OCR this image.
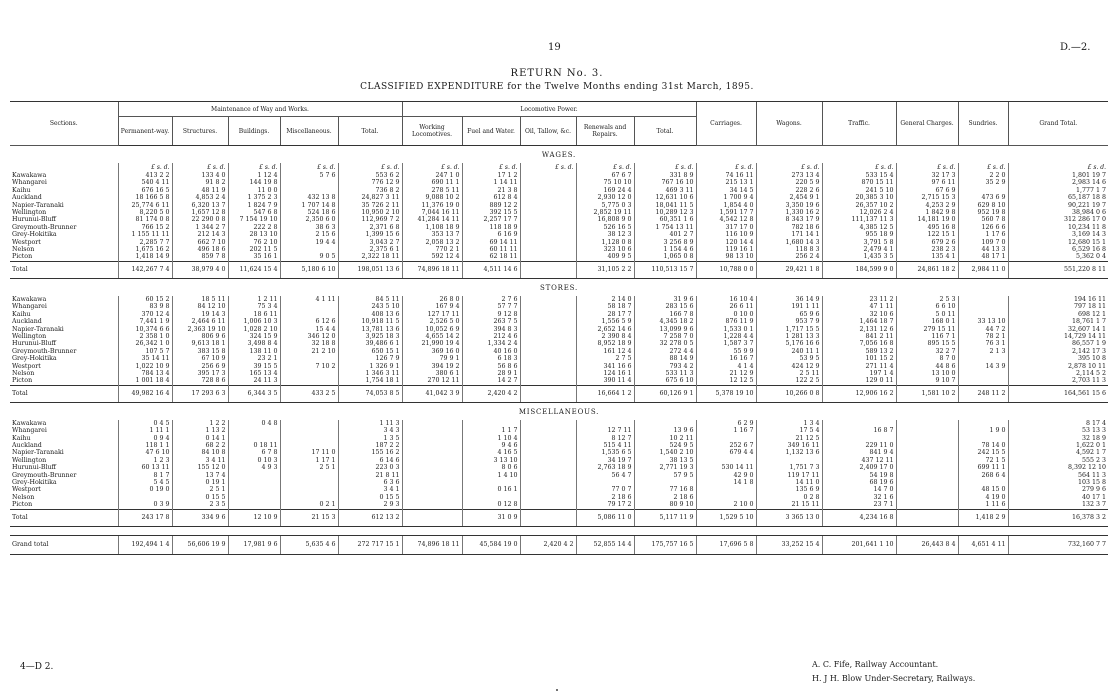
19	D.—2.
RETURN No. 3.
CLASSIFIED EXPENDITURE for the Twelve Months ending 31st March, 1895.
Sections.	Maintenance of Way and Works.					Locomotive Power.					Carriages.	Wagons.	Traffic.	General Charges.	Sundries.	Grand Total.
	Permanent-way.	Structures.	Buildings.	Miscellaneous.	Total.	Working Locomotives.	Fuel and Water.	Oil, Tallow, &c.	Renewals and Repairs.	Total.						
WAGES.																
	£ s. d.	£ s. d.	£ s. d.	£ s. d.	£ s. d.	£ s. d.	£ s. d.	£ s. d.	£ s. d.	£ s. d.	£ s. d.	£ s. d.	£ s. d.	£ s. d.	£ s. d.	£ s. d.
Kawakawa	413 2 2	133 4 0	1 12 4	5 7 6	553 6 2	247 1 0	17 1 2		67 6 7	331 8 9	74 16 11	273 13 4	533 15 4	32 17 3	2 2 0	1,801 19 7
Whangarei	540 4 11	91 8 2	144 19 8		776 12 9	690 11 1	1 14 11		75 10 10	767 16 10	215 13 1	220 5 9	870 15 11	97 6 11	35 2 9	2,983 14 6
Kaihu	676 16 5	48 11 9	11 0 0		736 8 2	278 5 11	21 3 8		169 24 4	469 3 11	34 14 5	228 2 6	241 5 10	67 6 9		1,777 1 7
Auckland	18 166 5 8	4,853 2 4	1 375 2 3	432 13 8	24,827 3 11	9,088 10 2	612 8 4		2,930 12 0	12,631 10 6	1 700 9 4	2,454 9 1	20,385 3 10	2,715 15 3	473 6 9	65,187 18 8
Napier-Taranaki	25,774 6 11	6,320 13 7	1 824 7 9	1 707 14 8	35 726 2 11	11,376 19 0	889 12 2		5,775 0 3	18,041 11 5	1,854 4 0	3,350 19 6	26,357 10 2	4,253 2 9	629 8 10	90,221 19 7
Wellington	8,220 5 0	1,657 12 8	547 6 8	524 18 6	10,950 2 10	7,044 16 11	392 15 5		2,852 19 11	10,289 12 3	1,591 17 7	1,330 16 2	12,026 2 4	1 842 9 8	952 19 8	38,984 0 6
Hurunui-Bluff	81 174 0 8	22 290 0 8	7 154 19 10	2,350 6 0	112,969 7 2	41,284 14 11	2,257 17 7		16,808 9 0	60,351 1 6	4,542 12 8	8 343 17 9	111,137 11 3	14,181 19 0	560 7 8	312 286 17 0
Greymouth-Brunner	766 15 2	1 344 2 7	222 2 8	38 6 3	2,371 6 8	1,108 18 9	118 18 9		526 16 5	1 754 13 11	317 17 0	782 18 6	4,385 12 5	495 16 8	126 6 6	10,234 11 8
Grey-Hokitika	1 155 11 11	212 14 3	28 13 10	2 15 6	1,399 15 6	353 13 7	6 16 9		38 12 3	401 2 7	116 10 9	171 14 1	955 18 9	122 15 1	1 17 6	3,169 14 3
Westport	2,285 7 7	662 7 10	76 2 10	19 4 4	3,043 2 7	2,058 13 2	69 14 11		1,128 0 8	3 256 8 9	120 14 4	1,680 14 3	3,791 5 8	679 2 6	109 7 0	12,680 15 1
Nelson	1,675 16 2	496 18 6	202 11 5		2,375 6 1	770 2 1	60 11 11		323 10 6	1 154 4 6	119 16 1	118 8 3	2,479 4 1	238 2 3	44 13 3	6,529 16 8
Picton	1,418 14 9	859 7 8	35 16 1	9 0 5	2,322 18 11	592 12 4	62 18 11		409 9 5	1,065 0 8	98 13 10	256 2 4	1,435 3 5	135 4 1	48 17 1	5,362 0 4
Total	142,267 7 4	38,979 4 0	11,624 15 4	5,180 6 10	198,051 13 6	74,896 18 11	4,511 14 6		31,105 2 2	110,513 15 7	10,788 0 0	29,421 1 8	184,599 9 0	24,861 18 2	2,984 11 0	551,220 8 11
STORES.																
Kawakawa	60 15 2	18 5 11	1 2 11	4 1 11	84 5 11	26 8 0	2 7 6		2 14 0	31 9 6	16 10 4	36 14 9	23 11 2	2 5 3		194 16 11
Whangarei	83 9 8	84 12 10	75 3 4		243 5 10	167 9 4	57 7 7		58 18 7	283 15 6	26 6 11	191 1 11	47 1 11	6 6 10		797 18 11
Kaihu	370 12 4	19 14 3	18 6 11		408 13 6	127 17 11	9 12 8		28 17 7	166 7 8	0 10 0	65 9 6	32 10 6	5 0 11		698 12 1
Auckland	7,441 1 9	2,464 6 11	1,006 10 3	6 12 6	10,918 11 5	2,526 5 0	263 7 5		1,556 5 9	4,345 18 2	876 11 9	953 7 9	1,464 18 7	168 0 1	33 13 10	18,761 1 7
Napier-Taranaki	10,374 6 6	2,363 19 10	1,028 2 10	15 4 4	13,781 13 6	10,052 6 9	394 8 3		2,652 14 6	13,099 9 6	1,533 0 1	1,717 15 5	2,131 12 6	279 15 11	44 7 2	32,607 14 1
Wellington	2 358 1 0	806 9 6	324 15 9	346 12 0	3,925 18 3	4,655 14 2	212 4 6		2 390 8 4	7 258 7 0	1,228 4 4	1 281 13 3	841 2 11	116 7 1	78 2 1	14,729 14 11
Hurunui-Bluff	26,342 1 0	9,613 18 1	3,498 8 4	32 18 8	39,486 6 1	21,990 19 4	1,334 2 4		8,952 18 9	32 278 0 5	1,587 3 7	5,176 16 6	7,056 16 8	895 15 5	76 3 1	86,557 1 9
Greymouth-Brunner	107 5 7	383 15 8	138 11 0	21 2 10	650 15 1	369 16 0	40 16 0		161 12 4	272 4 4	55 9 9	240 11 1	589 13 2	32 2 7	2 1 3	2,142 17 3
Grey-Hokitika	35 14 11	67 10 9	23 2 1		126 7 9	79 9 1	6 18 3		2 7 5	88 14 9	16 16 7	53 9 5	101 15 2	8 7 0		395 10 8
Westport	1,022 10 9	256 6 9	39 15 5	7 10 2	1 326 9 1	394 19 2	56 8 6		341 16 6	793 4 2	4 1 4	424 12 9	271 11 4	44 8 6	14 3 9	2,878 10 11
Nelson	784 13 4	395 17 3	165 13 4		1 346 3 11	380 6 1	28 9 1		124 16 1	533 11 3	21 12 9	2 5 11	197 1 4	13 10 0		2,114 5 2
Picton	1 001 18 4	728 8 6	24 11 3		1,754 18 1	270 12 11	14 2 7		390 11 4	675 6 10	12 12 5	122 2 5	129 0 11	9 10 7		2,703 11 3
Total	49,982 16 4	17 293 6 3	6,344 3 5	433 2 5	74,053 8 5	41,042 3 9	2,420 4 2		16,664 1 2	60,126 9 1	5,378 19 10	10,266 0 8	12,906 16 2	1,581 10 2	248 11 2	164,561 15 6
MISCELLANEOUS.																
Kawakawa	0 4 5	1 2 2	0 4 8		1 11 3						6 2 9	1 3 4				8 17 4
Whangarei	1 11 1	1 13 2			3 4 3		1 1 7		12 7 11	13 9 6	1 16 7	17 5 4	16 8 7		1 9 0	53 13 3
Kaihu	0 9 4	0 14 1			1 3 5		1 10 4		8 12 7	10 2 11		21 12 5				32 18 9
Auckland	118 1 1	68 2 2	0 18 11		187 2 2		9 4 6		515 4 11	524 9 5	252 6 7	349 16 11	229 11 0		78 14 0	1,622 0 1
Napier-Taranaki	47 6 10	84 10 8	6 7 8	17 11 0	155 16 2		4 16 5		1,535 6 5	1,540 2 10	679 4 4	1,132 13 6	841 9 4		242 15 5	4,592 1 7
Wellington	1 2 3	3 4 11	0 10 3	1 17 1	6 14 6		3 13 10		34 19 7	38 13 5			437 12 11		72 1 5	555 2 3
Hurunui-Bluff	60 13 11	155 12 0	4 9 3	2 5 1	223 0 3		8 0 6		2,763 18 9	2,771 19 3	530 14 11	1,751 7 3	2,409 17 0		699 11 1	8,392 12 10
Greymouth-Brunner	8 1 7	13 7 4			21 8 11		1 4 10		56 4 7	57 9 5	42 9 0	119 17 11	54 19 8		268 6 4	564 11 3
Grey-Hokitika	5 4 5	0 19 1			6 3 6						14 1 8	14 11 0	68 19 6			103 15 8
Westport	0 19 0	2 5 1			3 4 1		0 16 1		77 0 7	77 16 8		135 6 9	14 7 0		48 15 0	279 9 6
Nelson		0 15 5			0 15 5				2 18 6	2 18 6		0 2 8	32 1 6		4 19 0	40 17 1
Picton	0 3 9	2 3 5		0 2 1	2 9 3		0 12 8		79 17 2	80 9 10	2 10 0	21 15 11	23 7 1		1 11 6	132 3 7
Total	243 17 8	334 9 6	12 10 9	21 15 3	612 13 2		31 0 9		5,086 11 0	5,117 11 9	1,529 5 10	3 365 13 0	4,234 16 8		1,418 2 9	16,378 3 2

Grand total	192,494 1 4	56,606 19 9	17,981 9 6	5,635 4 6	272 717 15 1	74,896 18 11	45,584 19 0	2,420 4 2	52,855 14 4	175,757 16 5	17,696 5 8	33,252 15 4	201,641 1 10	26,443 8 4	4,651 4 11	732,160 7 7
4—D 2.	A. C. Fife, Railway Accountant.
H. J H. Blow Under-Secretary, Railways.
